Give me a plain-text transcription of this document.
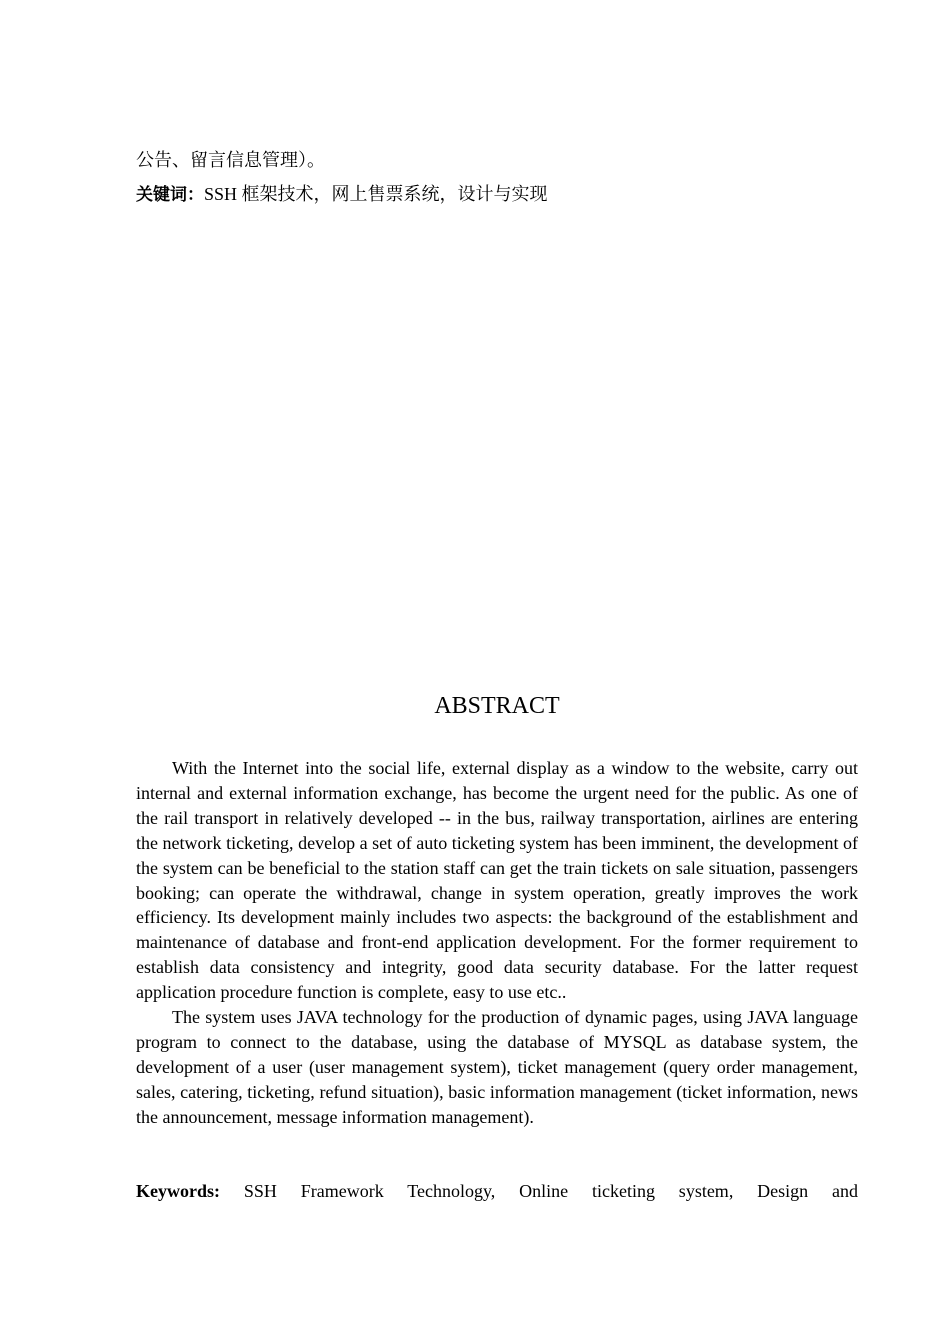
公告、留言信息管理）。
关键词：SSH 框架技术，网上售票系统，设计与实现
ABSTRACT

With the Internet into the social life, external display as a window to the website, carry out internal and external information exchange, has become the urgent need for the public. As one of the rail transport in relatively developed -- in the bus, railway transportation, airlines are entering the network ticketing, develop a set of auto ticketing system has been imminent, the development of the system can be beneficial to the station staff can get the train tickets on sale situation, passengers booking; can operate the withdrawal, change in system operation, greatly improves the work efficiency. Its development mainly includes two aspects: the background of the establishment and maintenance of database and front-end application development. For the former requirement to establish data consistency and integrity, good data security database. For the latter request application procedure function is complete, easy to use etc..

The system uses JAVA technology for the production of dynamic pages, using JAVA language program to connect to the database, using the database of MYSQL as database system, the development of a user (user management system), ticket management (query order management, sales, catering, ticketing, refund situation), basic information management (ticket information, news the announcement, message information management).

Keywords: SSH Framework Technology, Online ticketing system, Design and
